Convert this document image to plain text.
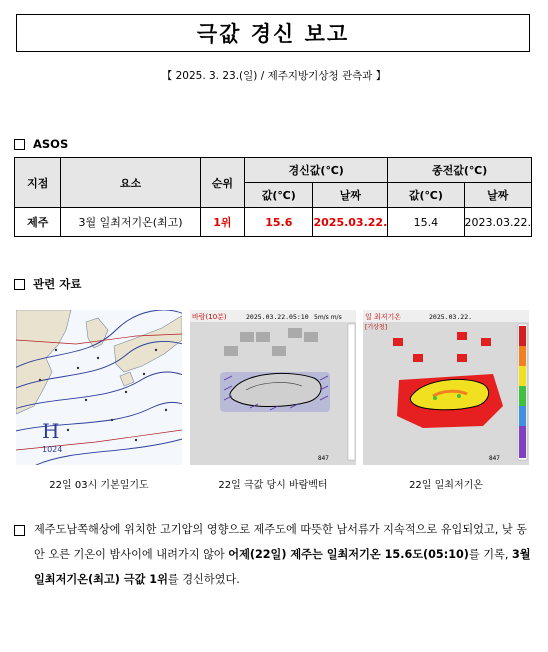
극값 경신 보고
【 2025. 3. 23.(일) / 제주지방기상청 관측과 】
ASOS
지점	요소	순위	경신값(℃)		종전값(℃)	
			값(℃)	날짜	값(℃)	날짜
제주	3월 일최저기온(최고)	1위	15.6	2025.03.22.	15.4	2023.03.22.
관련 자료
H
1024
22일 03시 기본일기도
바람(10분)	2025.03.22.05:10 5m/s m/s
847
22일 극값 당시 바람벡터
일 최저기온	2025.03.22.
[기상청]
847
22일 일최저기온
제주도남쪽해상에 위치한 고기압의 영향으로 제주도에 따뜻한 남서류가 지속적으로 유입되었고, 낮 동안 오른 기온이 밤사이에 내려가지 않아 어제(22일) 제주는 일최저기온 15.6도(05:10)를 기록, 3월 일최저기온(최고) 극값 1위를 경신하였다.
